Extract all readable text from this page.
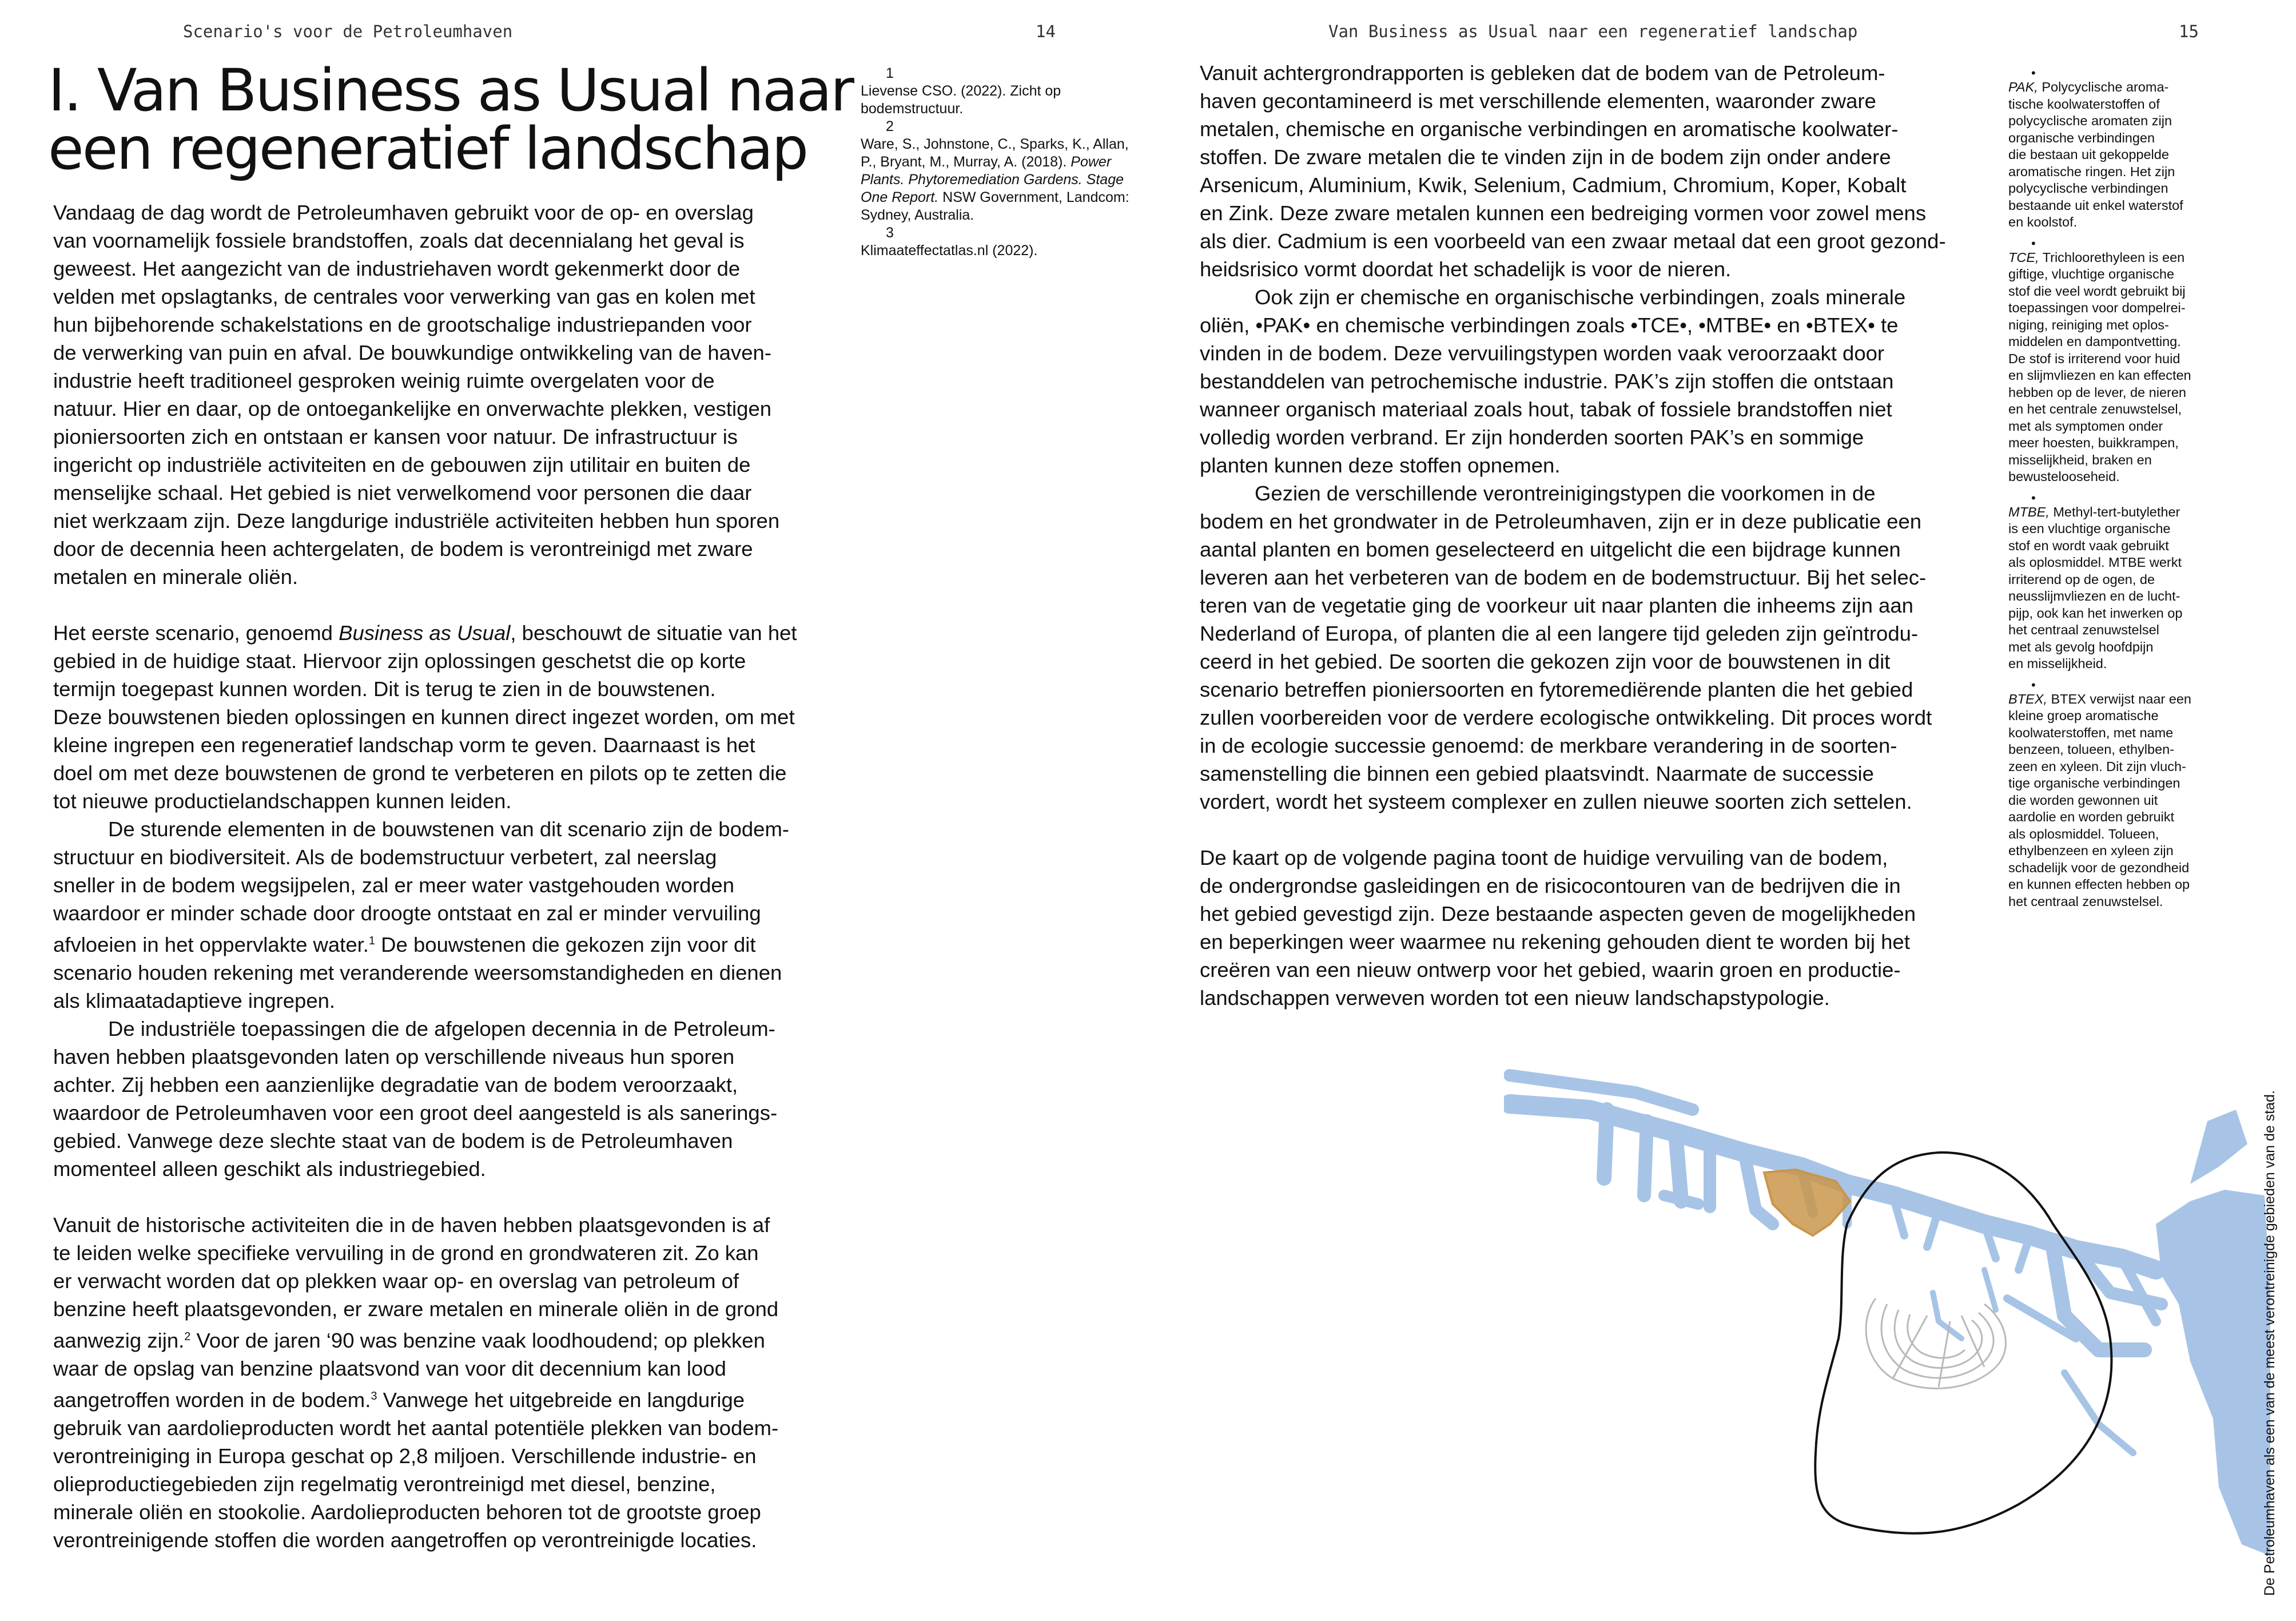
Scenario's voor de Petroleumhaven	14	Van Business as Usual naar een regeneratief landschap	15
I. Van Business as Usual naar
een regeneratief landschap
1
Lievense CSO. (2022). Zicht op bodemstructuur.
2
Ware, S., Johnstone, C., Sparks, K., Allan, P., Bryant, M., Murray, A. (2018). Power Plants. Phytoremediation Gardens. Stage One Report. NSW Government, Landcom: Sydney, Australia.
3
Klimaateffectatlas.nl (2022).

Vandaag de dag wordt de Petroleumhaven gebruikt voor de op- en overslag
van voornamelijk fossiele brandstoffen, zoals dat decennialang het geval is
geweest. Het aangezicht van de industriehaven wordt gekenmerkt door de
velden met opslagtanks, de centrales voor verwerking van gas en kolen met
hun bijbehorende schakelstations en de grootschalige industriepanden voor
de verwerking van puin en afval. De bouwkundige ontwikkeling van de haven-
industrie heeft traditioneel gesproken weinig ruimte overgelaten voor de
natuur. Hier en daar, op de ontoegankelijke en onverwachte plekken, vestigen
pioniersoorten zich en ontstaan er kansen voor natuur. De infrastructuur is
ingericht op industriële activiteiten en de gebouwen zijn utilitair en buiten de
menselijke schaal. Het gebied is niet verwelkomend voor personen die daar
niet werkzaam zijn. Deze langdurige industriële activiteiten hebben hun sporen
door de decennia heen achtergelaten, de bodem is verontreinigd met zware
metalen en minerale oliën.

Het eerste scenario, genoemd Business as Usual, beschouwt de situatie van het
gebied in de huidige staat. Hiervoor zijn oplossingen geschetst die op korte
termijn toegepast kunnen worden. Dit is terug te zien in de bouwstenen.
Deze bouwstenen bieden oplossingen en kunnen direct ingezet worden, om met
kleine ingrepen een regeneratief landschap vorm te geven. Daarnaast is het
doel om met deze bouwstenen de grond te verbeteren en pilots op te zetten die
tot nieuwe productielandschappen kunnen leiden.

De sturende elementen in de bouwstenen van dit scenario zijn de bodem-
structuur en biodiversiteit. Als de bodemstructuur verbetert, zal neerslag
sneller in de bodem wegsijpelen, zal er meer water vastgehouden worden
waardoor er minder schade door droogte ontstaat en zal er minder vervuiling
afvloeien in het oppervlakte water.$^1$ De bouwstenen die gekozen zijn voor dit
scenario houden rekening met veranderende weersomstandigheden en dienen
als klimaatadaptieve ingrepen.

De industriële toepassingen die de afgelopen decennia in de Petroleum-
haven hebben plaatsgevonden laten op verschillende niveaus hun sporen
achter. Zij hebben een aanzienlijke degradatie van de bodem veroorzaakt,
waardoor de Petroleumhaven voor een groot deel aangesteld is als sanerings-
gebied. Vanwege deze slechte staat van de bodem is de Petroleumhaven
momenteel alleen geschikt als industriegebied.

Vanuit de historische activiteiten die in de haven hebben plaatsgevonden is af
te leiden welke specifieke vervuiling in de grond en grondwateren zit. Zo kan
er verwacht worden dat op plekken waar op- en overslag van petroleum of
benzine heeft plaatsgevonden, er zware metalen en minerale oliën in de grond
aanwezig zijn.$^2$ Voor de jaren ‘90 was benzine vaak loodhoudend; op plekken
waar de opslag van benzine plaatsvond van voor dit decennium kan lood
aangetroffen worden in de bodem.$^3$ Vanwege het uitgebreide en langdurige
gebruik van aardolieproducten wordt het aantal potentiële plekken van bodem-
verontreiniging in Europa geschat op 2,8 miljoen. Verschillende industrie- en
olieproductiegebieden zijn regelmatig verontreinigd met diesel, benzine,
minerale oliën en stookolie. Aardolieproducten behoren tot de grootste groep
verontreinigende stoffen die worden aangetroffen op verontreinigde locaties.

Vanuit achtergrondrapporten is gebleken dat de bodem van de Petroleum-
haven gecontamineerd is met verschillende elementen, waaronder zware
metalen, chemische en organische verbindingen en aromatische koolwater-
stoffen. De zware metalen die te vinden zijn in de bodem zijn onder andere
Arsenicum, Aluminium, Kwik, Selenium, Cadmium, Chromium, Koper, Kobalt
en Zink. Deze zware metalen kunnen een bedreiging vormen voor zowel mens
als dier. Cadmium is een voorbeeld van een zwaar metaal dat een groot gezond-
heidsrisico vormt doordat het schadelijk is voor de nieren.

Ook zijn er chemische en organischische verbindingen, zoals minerale
oliën, •PAK• en chemische verbindingen zoals •TCE•, •MTBE• en •BTEX• te
vinden in de bodem. Deze vervuilingstypen worden vaak veroorzaakt door
bestanddelen van petrochemische industrie. PAK’s zijn stoffen die ontstaan
wanneer organisch materiaal zoals hout, tabak of fossiele brandstoffen niet
volledig worden verbrand. Er zijn honderden soorten PAK’s en sommige
planten kunnen deze stoffen opnemen.

Gezien de verschillende verontreinigingstypen die voorkomen in de
bodem en het grondwater in de Petroleumhaven, zijn er in deze publicatie een
aantal planten en bomen geselecteerd en uitgelicht die een bijdrage kunnen
leveren aan het verbeteren van de bodem en de bodemstructuur. Bij het selec-
teren van de vegetatie ging de voorkeur uit naar planten die inheems zijn aan
Nederland of Europa, of planten die al een langere tijd geleden zijn geïntrodu-
ceerd in het gebied. De soorten die gekozen zijn voor de bouwstenen in dit
scenario betreffen pioniersoorten en fytoremediërende planten die het gebied
zullen voorbereiden voor de verdere ecologische ontwikkeling. Dit proces wordt
in de ecologie successie genoemd: de merkbare verandering in de soorten-
samenstelling die binnen een gebied plaatsvindt. Naarmate de successie
vordert, wordt het systeem complexer en zullen nieuwe soorten zich settelen.

De kaart op de volgende pagina toont de huidige vervuiling van de bodem,
de ondergrondse gasleidingen en de risicocontouren van de bedrijven die in
het gebied gevestigd zijn. Deze bestaande aspecten geven de mogelijkheden
en beperkingen weer waarmee nu rekening gehouden dient te worden bij het
creëren van een nieuw ontwerp voor het gebied, waarin groen en productie-
landschappen verweven worden tot een nieuw landschapstypologie.

•
PAK, Polycyclische aroma-
tische koolwaterstoffen of
polycyclische aromaten zijn
organische verbindingen
die bestaan uit gekoppelde
aromatische ringen. Het zijn
polycyclische verbindingen
bestaande uit enkel waterstof
en koolstof.
•
TCE, Trichloorethyleen is een
giftige, vluchtige organische
stof die veel wordt gebruikt bij
toepassingen voor dompelrei-
niging, reiniging met oplos-
middelen en dampontvetting.
De stof is irriterend voor huid
en slijmvliezen en kan effecten
hebben op de lever, de nieren
en het centrale zenuwstelsel,
met als symptomen onder
meer hoesten, buikkrampen,
misselijkheid, braken en
bewustelooseheid.
•
MTBE, Methyl-tert-butylether
is een vluchtige organische
stof en wordt vaak gebruikt
als oplosmiddel. MTBE werkt
irriterend op de ogen, de
neusslijmvliezen en de lucht-
pijp, ook kan het inwerken op
het centraal zenuwstelsel
met als gevolg hoofdpijn
en misselijkheid.
•
BTEX, BTEX verwijst naar een
kleine groep aromatische
koolwaterstoffen, met name
benzeen, tolueen, ethylben-
zeen en xyleen. Dit zijn vluch-
tige organische verbindingen
die worden gewonnen uit
aardolie en worden gebruikt
als oplosmiddel. Tolueen,
ethylbenzeen en xyleen zijn
schadelijk voor de gezondheid
en kunnen effecten hebben op
het centraal zenuwstelsel.
De Petroleumhaven als een van de meest verontreinigde gebieden van de stad.
